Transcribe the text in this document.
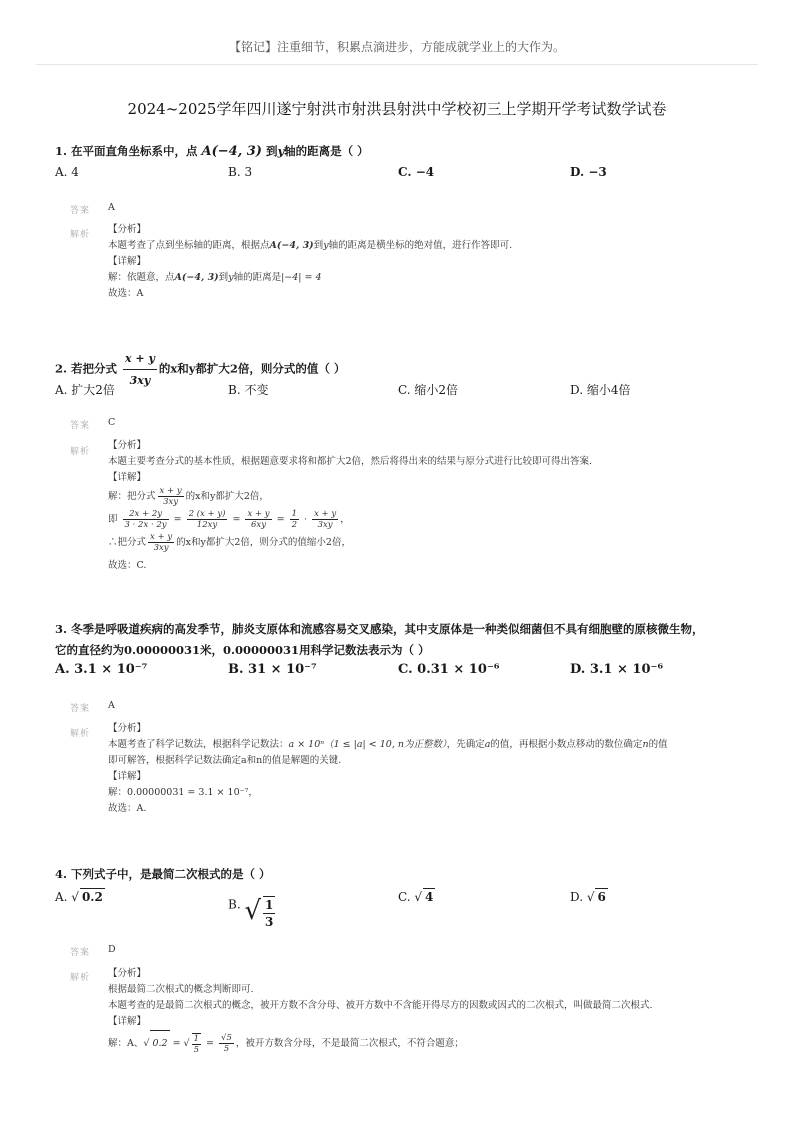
【铭记】注重细节，积累点滴进步，方能成就学业上的大作为。
2024~2025学年四川遂宁射洪市射洪县射洪中学校初三上学期开学考试数学试卷
1. 在平面直角坐标系中，点 A(−4, 3) 到y轴的距离是（ ）
A. 4	B. 3	C. −4	D. −3
答案 A
解析 【分析】
本题考查了点到坐标轴的距离，根据点A(−4, 3)到y轴的距离是横坐标的绝对值，进行作答即可.
【详解】
解：依题意，点A(−4, 3)到y轴的距离是|−4| = 4
故选：A
2. 若把分式 $\frac{x + y}{3xy}$ 的x和y都扩大2倍，则分式的值（ ）
A. 扩大2倍	B. 不变	C. 缩小2倍	D. 缩小4倍
答案 C
解析
【分析】
本题主要考查分式的基本性质，根据题意要求将和都扩大2倍，然后将得出来的结果与原分式进行比较即可得出答案.
【详解】
解：把分式 $\frac{x + y}{3xy}$ 的x和y都扩大2倍，
即 $\frac{2x + 2y}{3 \cdot 2x \cdot 2y} = \frac{2 (x + y)}{12xy} = \frac{x + y}{6xy} = \frac{1}{2} \cdot \frac{x + y}{3xy}$ ，
∴把分式 $\frac{x + y}{3xy}$ 的x和y都扩大2倍，则分式的值缩小2倍，
故选：C.
3. 冬季是呼吸道疾病的高发季节，肺炎支原体和流感容易交叉感染，其中支原体是一种类似细菌但不具有细胞壁的原核微生物，
它的直径约为0.00000031米，0.00000031用科学记数法表示为（ ）
A. 3.1 × 10⁻⁷	B. 31 × 10⁻⁷	C. 0.31 × 10⁻⁶	D. 3.1 × 10⁻⁶
答案 A
解析 【分析】
本题考查了科学记数法，根据科学记数法：a × 10ⁿ（1 ≤ |a| < 10, n为正整数），先确定a的值，再根据小数点移动的数位确定n的值
即可解答，根据科学记数法确定a和n的值是解题的关键.
【详解】
解：0.00000031 = 3.1 × 10⁻⁷，
故选：A.
4. 下列式子中，是最简二次根式的是（ ）
A. √ 0.2
B. √ $\frac{1}{3}$	C. √ 4	D. √ 6
答案 D
解析 【分析】
根据最简二次根式的概念判断即可.
本题考查的是最简二次根式的概念，被开方数不含分母、被开方数中不含能开得尽方的因数或因式的二次根式，叫做最简二次根式.
【详解】
解：A、√ 0.2 = √ $\frac{1}{5} = \frac{√5}{5}$ ，被开方数含分母，不是最简二次根式，不符合题意；
